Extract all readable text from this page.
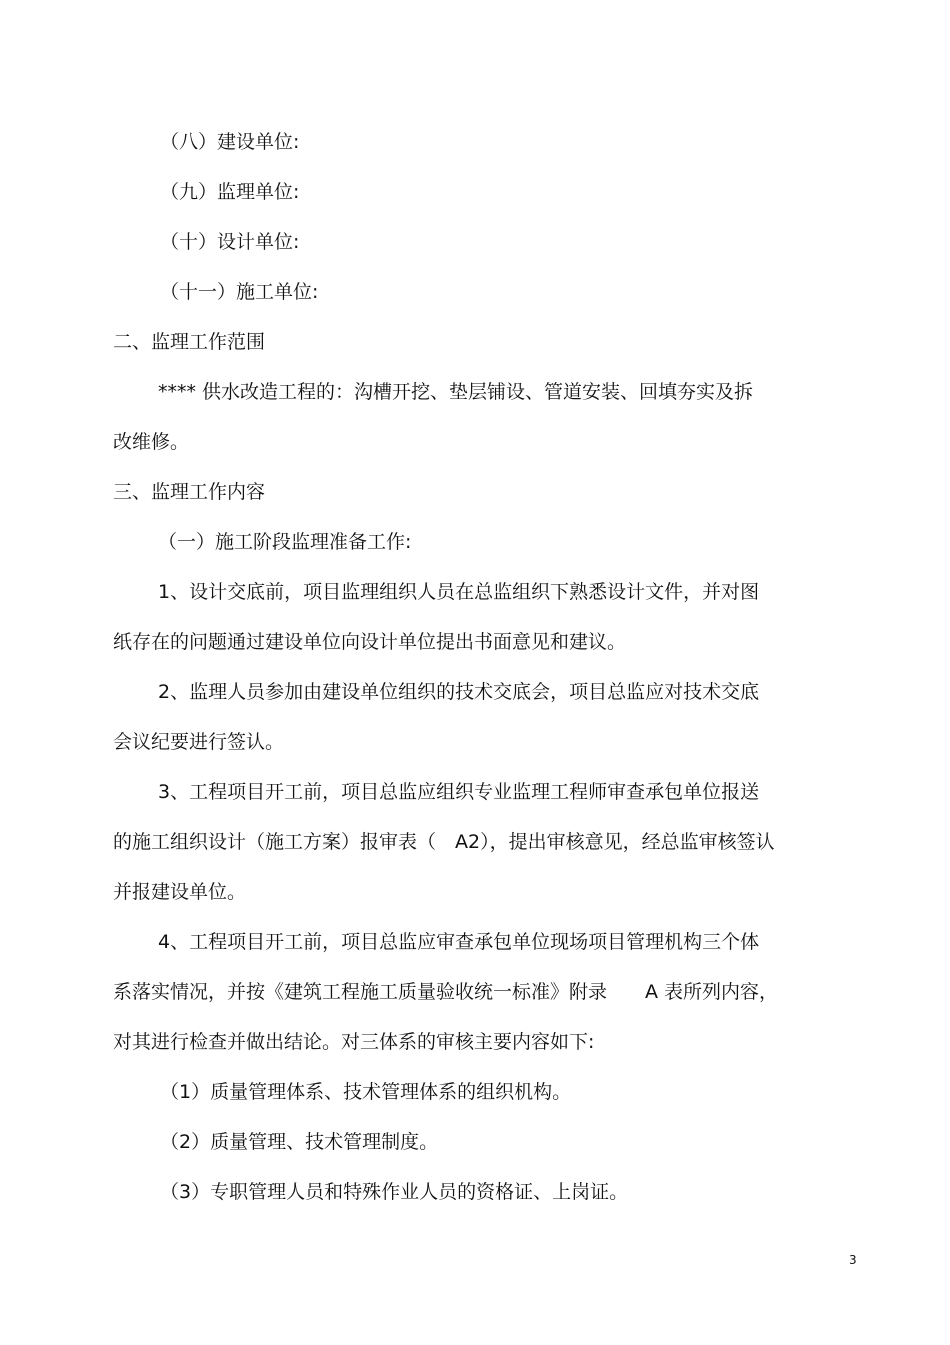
（八）建设单位:
（九）监理单位:
（十）设计单位:
（十一）施工单位:
二、监理工作范围
**** 供水改造工程的：沟槽开挖、垫层铺设、管道安装、回填夯实及拆
改维修。
三、监理工作内容
（一）施工阶段监理准备工作:
1、设计交底前，项目监理组织人员在总监组织下熟悉设计文件，并对图
纸存在的问题通过建设单位向设计单位提出书面意见和建议。
2、监理人员参加由建设单位组织的技术交底会，项目总监应对技术交底
会议纪要进行签认。
3、工程项目开工前，项目总监应组织专业监理工程师审查承包单位报送
的施工组织设计（施工方案）报审表（　A2），提出审核意见，经总监审核签认
并报建设单位。
4、工程项目开工前，项目总监应审查承包单位现场项目管理机构三个体
系落实情况，并按《建筑工程施工质量验收统一标准》附录　　A 表所列内容，
对其进行检查并做出结论。对三体系的审核主要内容如下:
（1）质量管理体系、技术管理体系的组织机构。
（2）质量管理、技术管理制度。
（3）专职管理人员和特殊作业人员的资格证、上岗证。
3
